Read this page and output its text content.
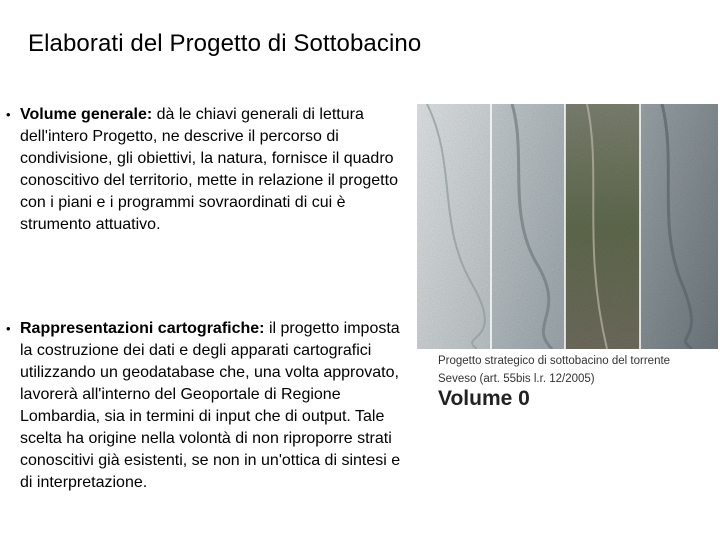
Elaborati del Progetto di Sottobacino
• Volume generale: dà le chiavi generali di lettura dell'intero Progetto, ne descrive il percorso di condivisione, gli obiettivi, la natura, fornisce il quadro conoscitivo del territorio, mette in relazione il progetto con i piani e i programmi sovraordinati di cui è strumento attuativo.
• Rappresentazioni cartografiche: il progetto imposta la costruzione dei dati e degli apparati cartografici utilizzando un geodatabase che, una volta approvato, lavorerà all'interno del Geoportale di Regione Lombardia, sia in termini di input che di output. Tale scelta ha origine nella volontà di non riproporre strati conoscitivi già esistenti, se non in un'ottica di sintesi e di interpretazione.
Progetto strategico di sottobacino del torrente
Seveso (art. 55bis l.r. 12/2005)
Volume 0
